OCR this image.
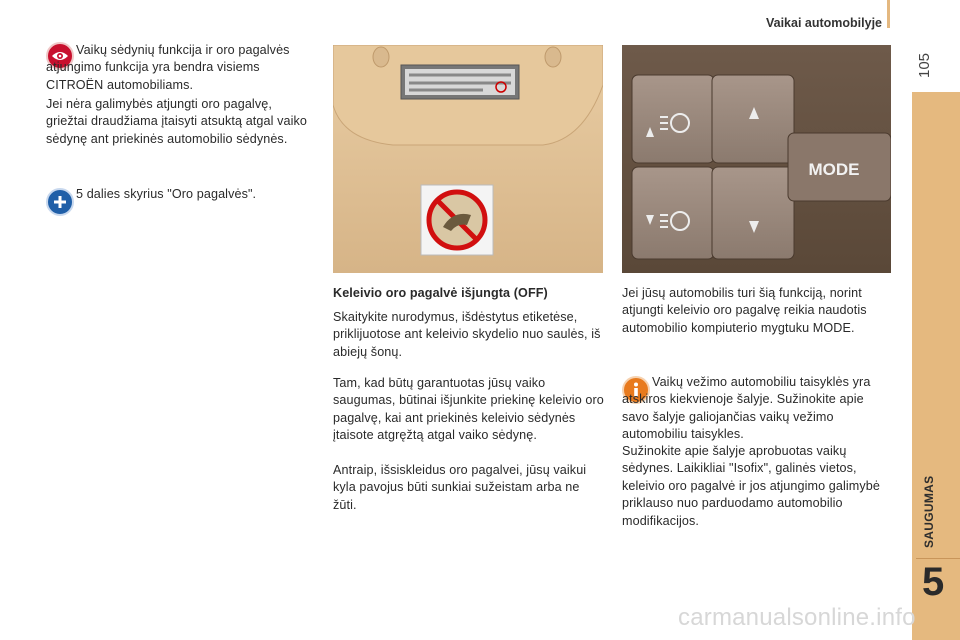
Vaikai automobilyje
105
SAUGUMAS
5

Vaikų sėdynių funkcija ir oro pagalvės atjungimo funkcija yra bendra visiems CITROËN automobiliams.

Jei nėra galimybės atjungti oro pagalvę, griežtai draudžiama įtaisyti atsuktą atgal vaiko sėdynę ant priekinės automobilio sėdynės.

5 dalies skyrius "Oro pagalvės".

MODE

Keleivio oro pagalvė išjungta (OFF)

Skaitykite nurodymus, išdėstytus etiketėse, priklijuotose ant keleivio skydelio nuo saulės, iš abiejų šonų.

Tam, kad būtų garantuotas jūsų vaiko saugumas, būtinai išjunkite priekinę keleivio oro pagalvę, kai ant priekinės keleivio sėdynės įtaisote atgręžtą atgal vaiko sėdynę.

Antraip, išsiskleidus oro pagalvei, jūsų vaikui kyla pavojus būti sunkiai sužeistam arba ne žūti.

Jei jūsų automobilis turi šią funkciją, norint atjungti keleivio oro pagalvę reikia naudotis automobilio kompiuterio mygtuku MODE.

Vaikų vežimo automobiliu taisyklės yra atskiros kiekvienoje šalyje. Sužinokite apie savo šalyje galiojančias vaikų vežimo automobiliu taisykles.

Sužinokite apie šalyje aprobuotas vaikų sėdynes. Laikikliai "Isofix", galinės vietos, keleivio oro pagalvė ir jos atjungimo galimybė priklauso nuo parduodamo automobilio modifikacijos.

carmanualsonline.info
